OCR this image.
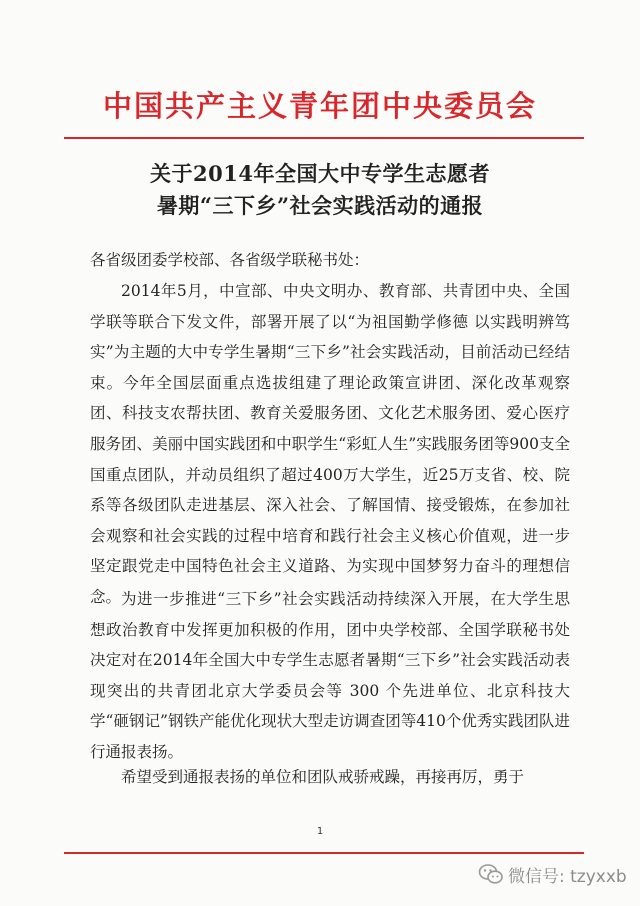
中国共产主义青年团中央委员会
关于2014年全国大中专学生志愿者
暑期“三下乡”社会实践活动的通报
各省级团委学校部、各省级学联秘书处：
2014年5月，中宣部、中央文明办、教育部、共青团中央、全国学联等联合下发文件，部署开展了以“为祖国勤学修德 以实践明辨笃实”为主题的大中专学生暑期“三下乡”社会实践活动，目前活动已经结束。今年全国层面重点选拔组建了理论政策宣讲团、深化改革观察团、科技支农帮扶团、教育关爱服务团、文化艺术服务团、爱心医疗服务团、美丽中国实践团和中职学生“彩虹人生”实践服务团等900支全国重点团队，并动员组织了超过400万大学生，近25万支省、校、院系等各级团队走进基层、深入社会、了解国情、接受锻炼，在参加社会观察和社会实践的过程中培育和践行社会主义核心价值观，进一步坚定跟党走中国特色社会主义道路、为实现中国梦努力奋斗的理想信念。 为进一步推进“三下乡”社会实践活动持续深入开展，在大学生思想政治教育中发挥更加积极的作用，团中央学校部、全国学联秘书处决定对在2014年全国大中专学生志愿者暑期“三下乡”社会实践活动表现突出的共青团北京大学委员会等 300 个先进单位、北京科技大学“砸钢记”钢铁产能优化现状大型走访调查团等410个优秀实践团队进行通报表扬。
希望受到通报表扬的单位和团队戒骄戒躁，再接再厉，勇于
1
微信号: tzyxxb
